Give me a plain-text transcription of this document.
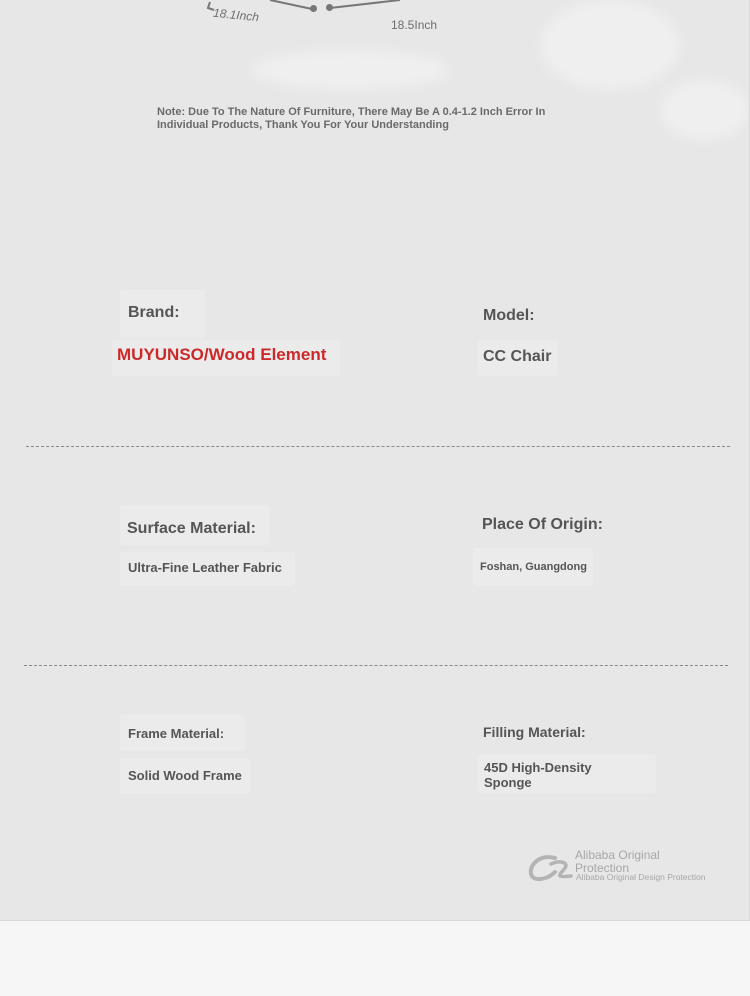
18.1Inch
18.5Inch
Note: Due To The Nature Of Furniture, There May Be A 0.4-1.2 Inch Error In Individual Products, Thank You For Your Understanding
Brand:
MUYUNSO/Wood Element
Model:
CC Chair
Surface Material:
Ultra-Fine Leather Fabric
Place Of Origin:
Foshan, Guangdong
Frame Material:
Solid Wood Frame
Filling Material:
45D High-Density
Sponge
Alibaba Original
Protection
Alibaba Original Design Protection
